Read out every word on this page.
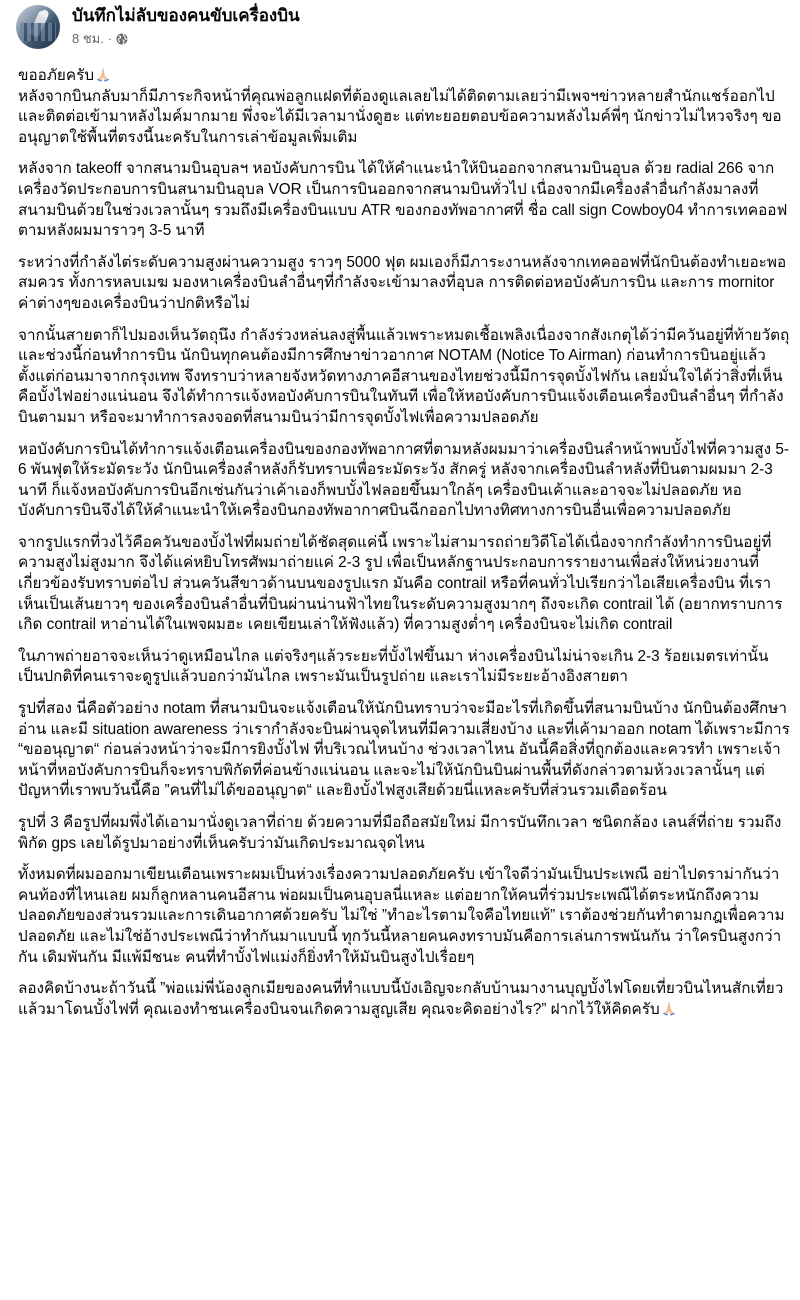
บันทึกไม่ลับของคนขับเครื่องบิน
8 ชม. ·

ขออภัยครับ
หลังจากบินกลับมาก็มีภาระกิจหน้าที่คุณพ่อลูกแฝดที่ต้องดูแลเลยไม่ได้ติดตามเลยว่ามีเพจฯข่าวหลายสำนักแชร์ออกไปและติดต่อเข้ามาหลังไมค์มากมาย พึ่งจะได้มีเวลามานั่งดูฮะ แต่ทะยอยตอบข้อความหลังไมค์พี่ๆ นักข่าวไม่ไหวจริงๆ ขออนุญาตใช้พื้นที่ตรงนี้นะครับในการเล่าข้อมูลเพิ่มเติม

หลังจาก takeoff จากสนามบินอุบลฯ หอบังคับการบิน ได้ให้คำแนะนำให้บินออกจากสนามบินอุบล ด้วย radial 266 จากเครื่องวัดประกอบการบินสนามบินอุบล VOR เป็นการบินออกจากสนามบินทั่วไป เนื่องจากมีเครื่องลำอื่นกำลังมาลงที่สนามบินด้วยในช่วงเวลานั้นๆ รวมถึงมีเครื่องบินแบบ ATR ของกองทัพอากาศที่ ชื่อ call sign Cowboy04 ทำการเทคออฟตามหลังผมมาราวๆ 3-5 นาที

ระหว่างที่กำลังไต่ระดับความสูงผ่านความสูง ราวๆ 5000 ฟุต ผมเองก็มีภาระงานหลังจากเทคออฟที่นักบินต้องทำเยอะพอสมควร ทั้งการหลบเมฆ มองหาเครื่องบินลำอื่นๆที่กำลังจะเข้ามาลงที่อุบล การติดต่อหอบังคับการบิน และการ mornitor ค่าต่างๆของเครื่องบินว่าปกติหรือไม่

จากนั้นสายตาก็ไปมองเห็นวัตถุนึง กำลังร่วงหล่นลงสู่พื้นแล้วเพราะหมดเชื้อเพลิงเนื่องจากสังเกตุได้ว่ามีควันอยู่ที่ท้ายวัตถุ และช่วงนี้ก่อนทำการบิน นักบินทุกคนต้องมีการศึกษาข่าวอากาศ NOTAM (Notice To Airman) ก่อนทำการบินอยู่แล้ว ตั้งแต่ก่อนมาจากกรุงเทพ จึงทราบว่าหลายจังหวัดทางภาคอีสานของไทยช่วงนี้มีการจุดบั้งไฟกัน เลยมั่นใจได้ว่าสิ่งที่เห็นคือบั้งไฟอย่างแน่นอน จึงได้ทำการแจ้งหอบังคับการบินในทันที เพื่อให้หอบังคับการบินแจ้งเตือนเครื่องบินลำอื่นๆ ที่กำลังบินตามมา หรือจะมาทำการลงจอดที่สนามบินว่ามีการจุดบั้งไฟเพื่อความปลอดภัย

หอบังคับการบินได้ทำการแจ้งเตือนเครื่องบินของกองทัพอากาศที่ตามหลังผมมาว่าเครื่องบินลำหน้าพบบั้งไฟที่ความสูง 5-6 พันฟุตให้ระมัดระวัง นักบินเครื่องลำหลังก็รับทราบเพื่อระมัดระวัง สักครู่ หลังจากเครื่องบินลำหลังที่บินตามผมมา 2-3 นาที ก็แจ้งหอบังคับการบินอีกเช่นกันว่าเค้าเองก็พบบั้งไฟลอยขึ้นมาใกล้ๆ เครื่องบินเค้าและอาจจะไม่ปลอดภัย หอบังคับการบินจึงได้ให้คำแนะนำให้เครื่องบินกองทัพอากาศบินฉีกออกไปทางทิศทางการบินอื่นเพื่อความปลอดภัย

จากรูปแรกที่วงไว้คือควันของบั้งไฟที่ผมถ่ายได้ชัดสุดแค่นี้ เพราะไม่สามารถถ่ายวิดีโอได้เนื่องจากกำลังทำการบินอยู่ที่ความสูงไม่สูงมาก จึงได้แค่หยิบโทรศัพมาถ่ายแค่ 2-3 รูป เพื่อเป็นหลักฐานประกอบการรายงานเพื่อส่งให้หน่วยงานที่เกี่ยวข้องรับทราบต่อไป ส่วนควันสีขาวด้านบนของรูปแรก มันคือ contrail หรือที่คนทั่วไปเรียกว่าไอเสียเครื่องบิน ที่เราเห็นเป็นเส้นยาวๆ ของเครื่องบินลำอื่นที่บินผ่านน่านฟ้าไทยในระดับความสูงมากๆ ถึงจะเกิด contrail ได้ (อยากทราบการเกิด contrail หาอ่านได้ในเพจผมฮะ เคยเขียนเล่าให้ฟังแล้ว) ที่ความสูงต่ำๆ เครื่องบินจะไม่เกิด contrail

ในภาพถ่ายอาจจะเห็นว่าดูเหมือนไกล แต่จริงๆแล้วระยะที่บั้งไฟขึ้นมา ห่างเครื่องบินไม่น่าจะเกิน 2-3 ร้อยเมตรเท่านั้น เป็นปกติที่คนเราจะดูรูปแล้วบอกว่ามันไกล เพราะมันเป็นรูปถ่าย และเราไม่มีระยะอ้างอิงสายตา

รูปที่สอง นี่คือตัวอย่าง notam ที่สนามบินจะแจ้งเตือนให้นักบินทราบว่าจะมีอะไรที่เกิดขึ้นที่สนามบินบ้าง นักบินต้องศึกษาอ่าน และมี situation awareness ว่าเรากำลังจะบินผ่านจุดไหนที่มีความเสี่ยงบ้าง และที่เค้ามาออก notam ได้เพราะมีการ “ขออนุญาต“ ก่อนล่วงหน้าว่าจะมีการยิงบั้งไฟ ที่บริเวณไหนบ้าง ช่วงเวลาไหน อันนี้คือสิ่งที่ถูกต้องและควรทำ เพราะเจ้าหน้าที่หอบังคับการบินก็จะทราบพิกัดที่ค่อนข้างแน่นอน และจะไม่ให้นักบินบินผ่านพื้นที่ดังกล่าวตามห้วงเวลานั้นๆ แต่ปัญหาที่เราพบวันนี้คือ ”คนที่ไม่ได้ขออนุญาต“ และยิงบั้งไฟสูงเสียด้วยนี่แหละครับที่ส่วนรวมเดือดร้อน

รูปที่ 3 คือรูปที่ผมพึ่งได้เอามานั่งดูเวลาที่ถ่าย ด้วยความที่มือถือสมัยใหม่ มีการบันทึกเวลา ชนิดกล้อง เลนส์ที่ถ่าย รวมถึงพิกัด gps เลยได้รูปมาอย่างที่เห็นครับว่ามันเกิดประมาณจุดไหน

ทั้งหมดที่ผมออกมาเขียนเตือนเพราะผมเป็นห่วงเรื่องความปลอดภัยครับ เข้าใจดีว่ามันเป็นประเพณี อย่าไปดราม่ากันว่าคนท้องที่ไหนเลย ผมก็ลูกหลานคนอีสาน พ่อผมเป็นคนอุบลนี่แหละ แต่อยากให้คนที่ร่วมประเพณีได้ตระหนักถึงความปลอดภัยของส่วนรวมและการเดินอากาศด้วยครับ ไม่ใช่ ”ทำอะไรตามใจคือไทยแท้” เราต้องช่วยกันทำตามกฎเพื่อความปลอดภัย และไม่ใช่อ้างประเพณีว่าทำกันมาแบบนี้ ทุกวันนี้หลายคนคงทราบมันคือการเล่นการพนันกัน ว่าใครบินสูงกว่ากัน เดิมพันกัน มีแพ้มีชนะ คนที่ทำบั้งไฟแม่งก็ยิ่งทำให้มันบินสูงไปเรื่อยๆ

ลองคิดบ้างนะถ้าวันนี้ ”พ่อแม่พี่น้องลูกเมียของคนที่ทำแบบนี้บังเอิญจะกลับบ้านมางานบุญบั้งไฟโดยเที่ยวบินไหนสักเที่ยว แล้วมาโดนบั้งไฟที่ คุณเองทำชนเครื่องบินจนเกิดความสูญเสีย คุณจะคิดอย่างไร?” ฝากไว้ให้คิดครับ
